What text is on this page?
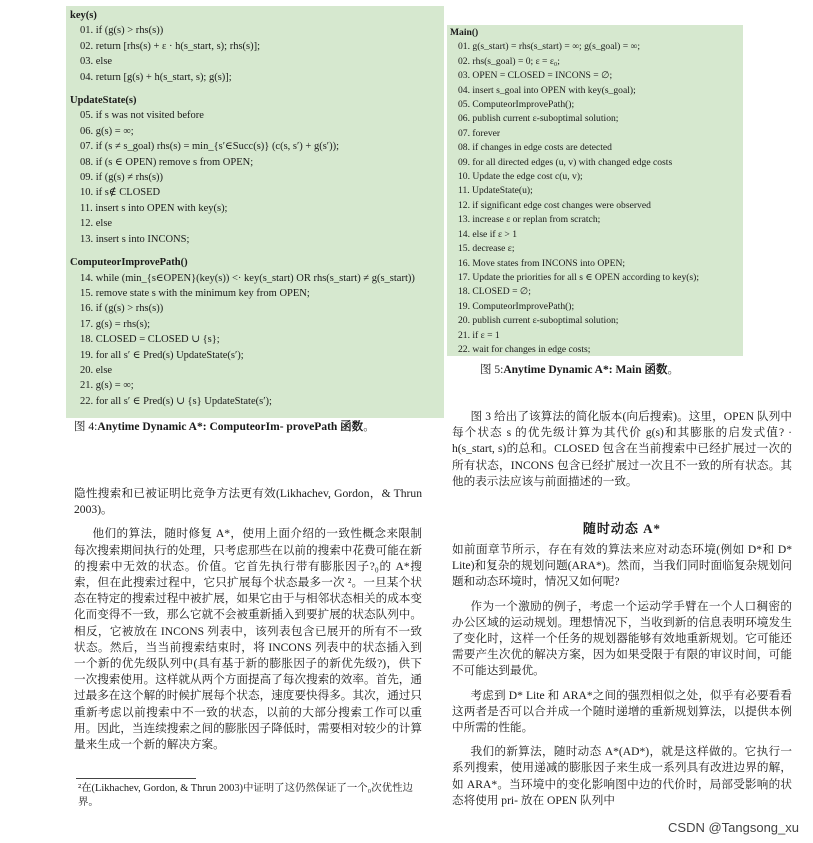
key(s)
01. if (g(s) > rhs(s))
02. return [rhs(s) + ε · h(s_start, s); rhs(s)];
03. else
04. return [g(s) + h(s_start, s); g(s)];
UpdateState(s)
05. if s was not visited before
06. g(s) = ∞;
07. if (s ≠ s_goal) rhs(s) = min_{s′∈Succ(s)} (c(s, s′) + g(s′));
08. if (s ∈ OPEN) remove s from OPEN;
09. if (g(s) ≠ rhs(s))
10. if s∉ CLOSED
11. insert s into OPEN with key(s);
12. else
13. insert s into INCONS;
ComputeorImprovePath()
14. while (min_{s∈OPEN}(key(s)) <· key(s_start) OR rhs(s_start) ≠ g(s_start))
15. remove state s with the minimum key from OPEN;
16. if (g(s) > rhs(s))
17. g(s) = rhs(s);
18. CLOSED = CLOSED ∪ {s};
19. for all s′ ∈ Pred(s) UpdateState(s′);
20. else
21. g(s) = ∞;
22. for all s′ ∈ Pred(s) ∪ {s} UpdateState(s′);
图 4:Anytime Dynamic A*: ComputeorIm- provePath 函数。
Main()
01. g(s_start) = rhs(s_start) = ∞; g(s_goal) = ∞;
02. rhs(s_goal) = 0; ε = ε₀;
03. OPEN = CLOSED = INCONS = ∅;
04. insert s_goal into OPEN with key(s_goal);
05. ComputeorImprovePath();
06. publish current ε-suboptimal solution;
07. forever
08. if changes in edge costs are detected
09. for all directed edges (u, v) with changed edge costs
10. Update the edge cost c(u, v);
11. UpdateState(u);
12. if significant edge cost changes were observed
13. increase ε or replan from scratch;
14. else if ε > 1
15. decrease ε;
16. Move states from INCONS into OPEN;
17. Update the priorities for all s ∈ OPEN according to key(s);
18. CLOSED = ∅;
19. ComputeorImprovePath();
20. publish current ε-suboptimal solution;
21. if ε = 1
22. wait for changes in edge costs;
图 5:Anytime Dynamic A*: Main 函数。

隐性搜索和已被证明比竞争方法更有效(Likhachev, Gordon，& Thrun 2003)。

他们的算法，随时修复 A*，使用上面介绍的一致性概念来限制每次搜索期间执行的处理，只考虑那些在以前的搜索中花费可能在新的搜索中无效的状态。价值。它首先执行带有膨胀因子?₀的 A*搜索，但在此搜索过程中，它只扩展每个状态最多一次 ²。一旦某个状态在特定的搜索过程中被扩展，如果它由于与相邻状态相关的成本变化而变得不一致，那么它就不会被重新插入到要扩展的状态队列中。相反，它被放在 INCONS 列表中，该列表包含已展开的所有不一致状态。然后，当当前搜索结束时，将 INCONS 列表中的状态插入到一个新的优先级队列中(具有基于新的膨胀因子的新优先级?)，供下一次搜索使用。这样就从两个方面提高了每次搜索的效率。首先，通过最多在这个解的时候扩展每个状态，速度要快得多。其次，通过只重新考虑以前搜索中不一致的状态，以前的大部分搜索工作可以重用。因此，当连续搜索之间的膨胀因子降低时，需要相对较少的计算量来生成一个新的解决方案。

²在(Likhachev, Gordon, & Thrun 2003)中证明了这仍然保证了一个₀次优性边界。

图 3 给出了该算法的简化版本(向后搜索)。这里，OPEN 队列中每个状态 s 的优先级计算为其代价 g(s)和其膨胀的启发式值? · h(s_start, s)的总和。CLOSED 包含在当前搜索中已经扩展过一次的所有状态，INCONS 包含已经扩展过一次且不一致的所有状态。其他的表示法应该与前面描述的一致。

随时动态 A*

如前面章节所示，存在有效的算法来应对动态环境(例如 D*和 D* Lite)和复杂的规划问题(ARA*)。然而，当我们同时面临复杂规划问题和动态环境时，情况又如何呢?

作为一个激励的例子，考虑一个运动学手臂在一个人口稠密的办公区域的运动规划。理想情况下，当收到新的信息表明环境发生了变化时，这样一个任务的规划器能够有效地重新规划。它可能还需要产生次优的解决方案，因为如果受限于有限的审议时间，可能不可能达到最优。

考虑到 D* Lite 和 ARA*之间的强烈相似之处，似乎有必要看看这两者是否可以合并成一个随时递增的重新规划算法，以提供本例中所需的性能。

我们的新算法，随时动态 A*(AD*)，就是这样做的。它执行一系列搜索，使用递减的膨胀因子来生成一系列具有改进边界的解，如 ARA*。当环境中的变化影响图中边的代价时，局部受影响的状态将使用 pri- 放在 OPEN 队列中

CSDN @Tangsong_xu
